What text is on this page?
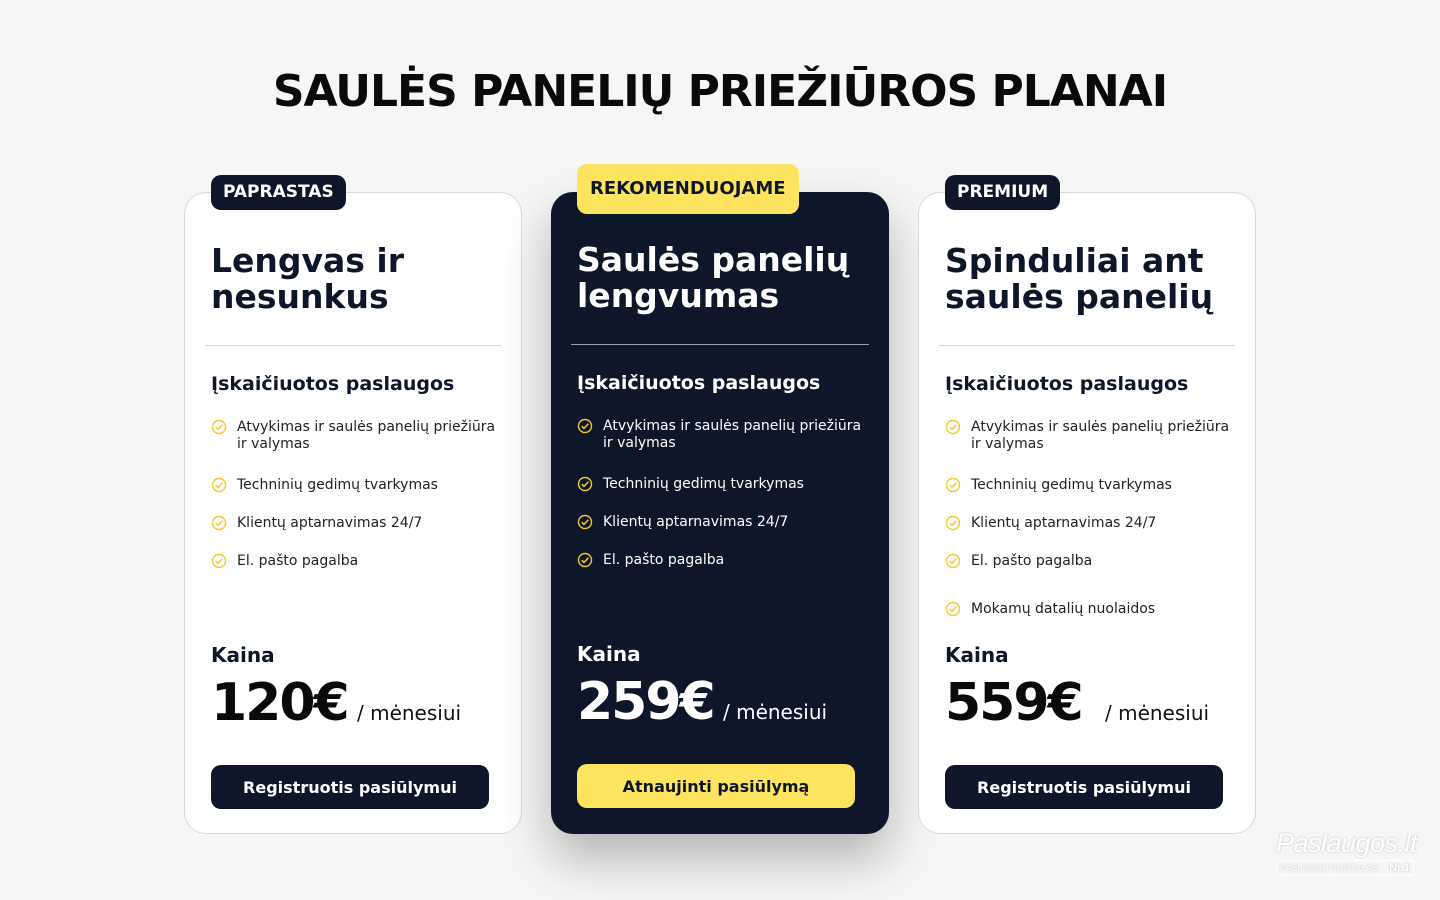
SAULĖS PANELIŲ PRIEŽIŪROS PLANAI
PAPRASTAS
Lengvas ir nesunkus
Įskaičiuotos paslaugos
Atvykimas ir saulės panelių priežiūra ir valymas
Techninių gedimų tvarkymas
Klientų aptarnavimas 24/7
El. pašto pagalba
Kaina
120€ / mėnesiui
Registruotis pasiūlymui
REKOMENDUOJAME
Saulės panelių lengvumas
Įskaičiuotos paslaugos
Atvykimas ir saulės panelių priežiūra ir valymas
Techninių gedimų tvarkymas
Klientų aptarnavimas 24/7
El. pašto pagalba
Kaina
259€ / mėnesiui
Atnaujinti pasiūlymą
PREMIUM
Spinduliai ant saulės panelių
Įskaičiuotos paslaugos
Atvykimas ir saulės panelių priežiūra ir valymas
Techninių gedimų tvarkymas
Klientų aptarnavimas 24/7
El. pašto pagalba
Mokamų datalių nuolaidos
Kaina
559€ / mėnesiui
Registruotis pasiūlymui
Paslaugos.lt
PASLAUGŲ PORTALAS Nr.1
